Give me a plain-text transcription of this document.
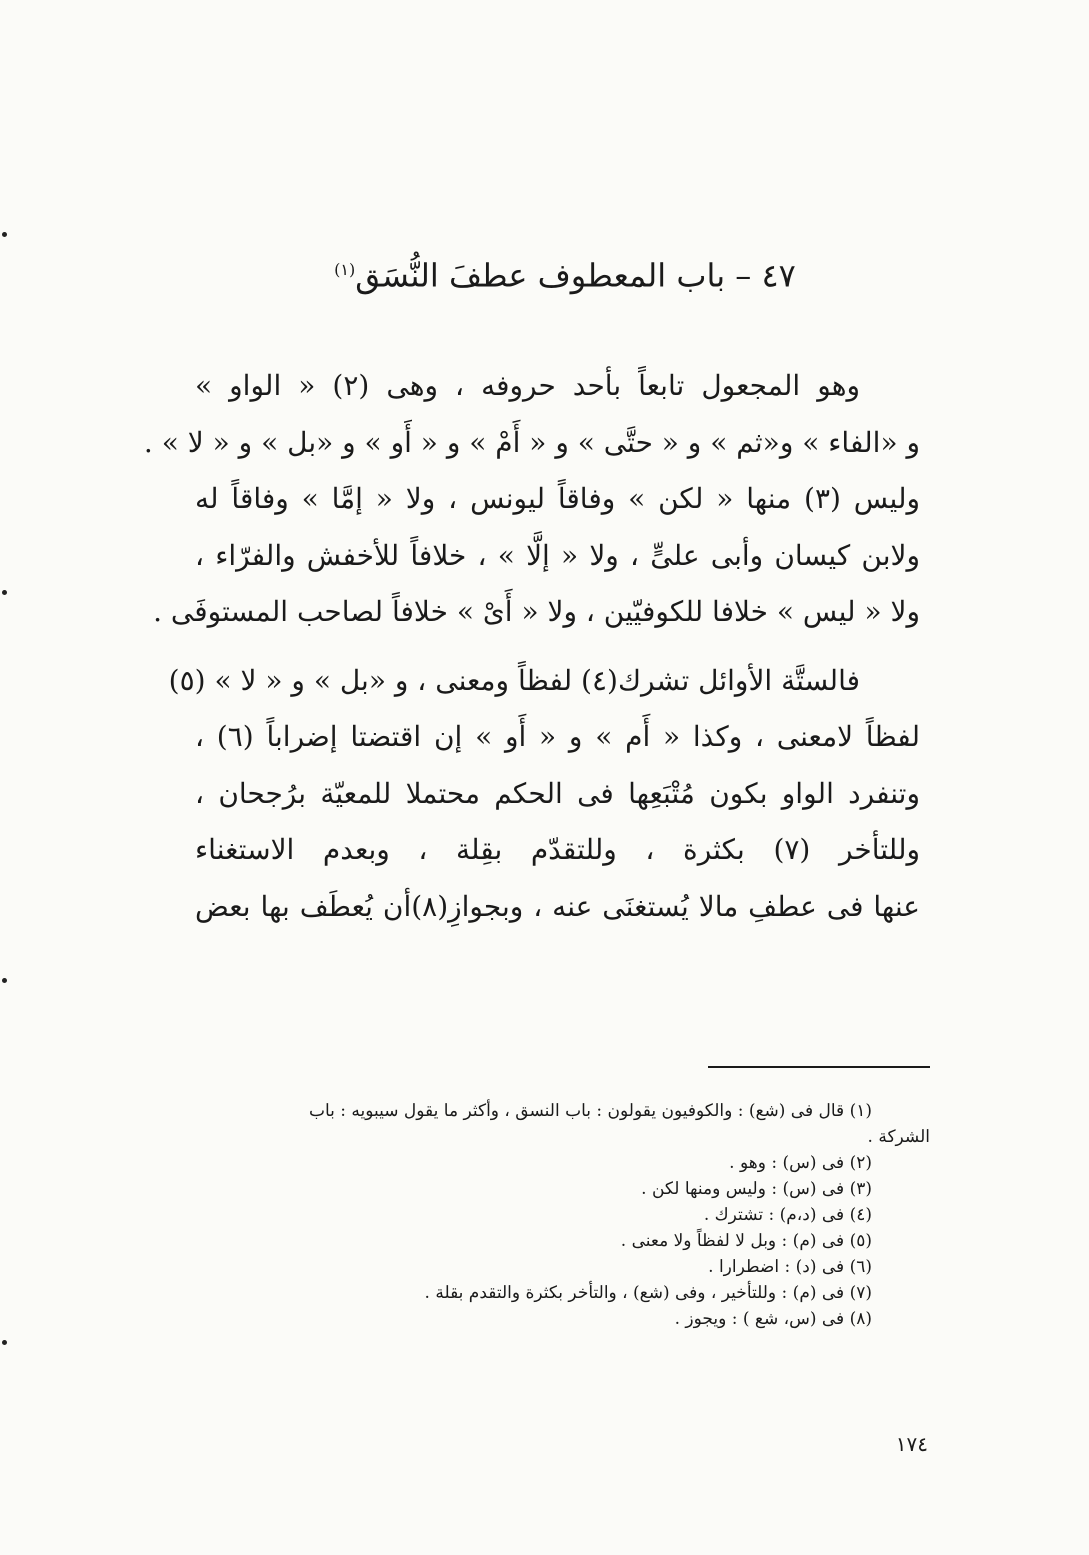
٤٧ – باب المعطوف عطفَ النُّسَق$^{(١)}$
وهو المجعول تابعاً بأحد حروفه ، وهى (٢) « الواو »
و «الفاء » و«ثم » و « حتَّى » و « أَمْ » و « أَو » و «بل » و « لا » .
وليس (٣) منها « لكن » وفاقاً ليونس ، ولا « إمَّا » وفاقاً له
ولابن كيسان وأبى علىٍّ ، ولا « إلَّا » ، خلافاً للأخفش والفرّاء ،
ولا « ليس » خلافا للكوفيّين ، ولا « أَىْ » خلافاً لصاحب المستوفَى .
فالستَّة الأوائل تشرك(٤) لفظاً ومعنى ، و «بل » و « لا » (٥)
لفظاً لامعنى ، وكذا « أَم » و « أَو » إن اقتضتا إضراباً (٦) ،
وتنفرد الواو بكون مُتْبَعِها فى الحكم محتملا للمعيّة برُجحان ،
وللتأخر (٧) بكثرة ، وللتقدّم بقِلة ، وبعدم الاستغناء
عنها فى عطفِ مالا يُستغنَى عنه ، وبجوازِ(٨)أن يُعطَف بها بعض
(١) قال فى (شع) : والكوفيون يقولون : باب النسق ، وأكثر ما يقول سيبويه : باب
الشركة .
(٢) فى (س) : وهو .
(٣) فى (س) : وليس ومنها لكن .
(٤) فى (د،م) : تشترك .
(٥) فى (م) : وبل لا لفظاً ولا معنى .
(٦) فى (د) : اضطرارا .
(٧) فى (م) : وللتأخير ، وفى (شع) ، والتأخر بكثرة والتقدم بقلة .
(٨) فى (س، شع ) : ويجوز .
١٧٤
